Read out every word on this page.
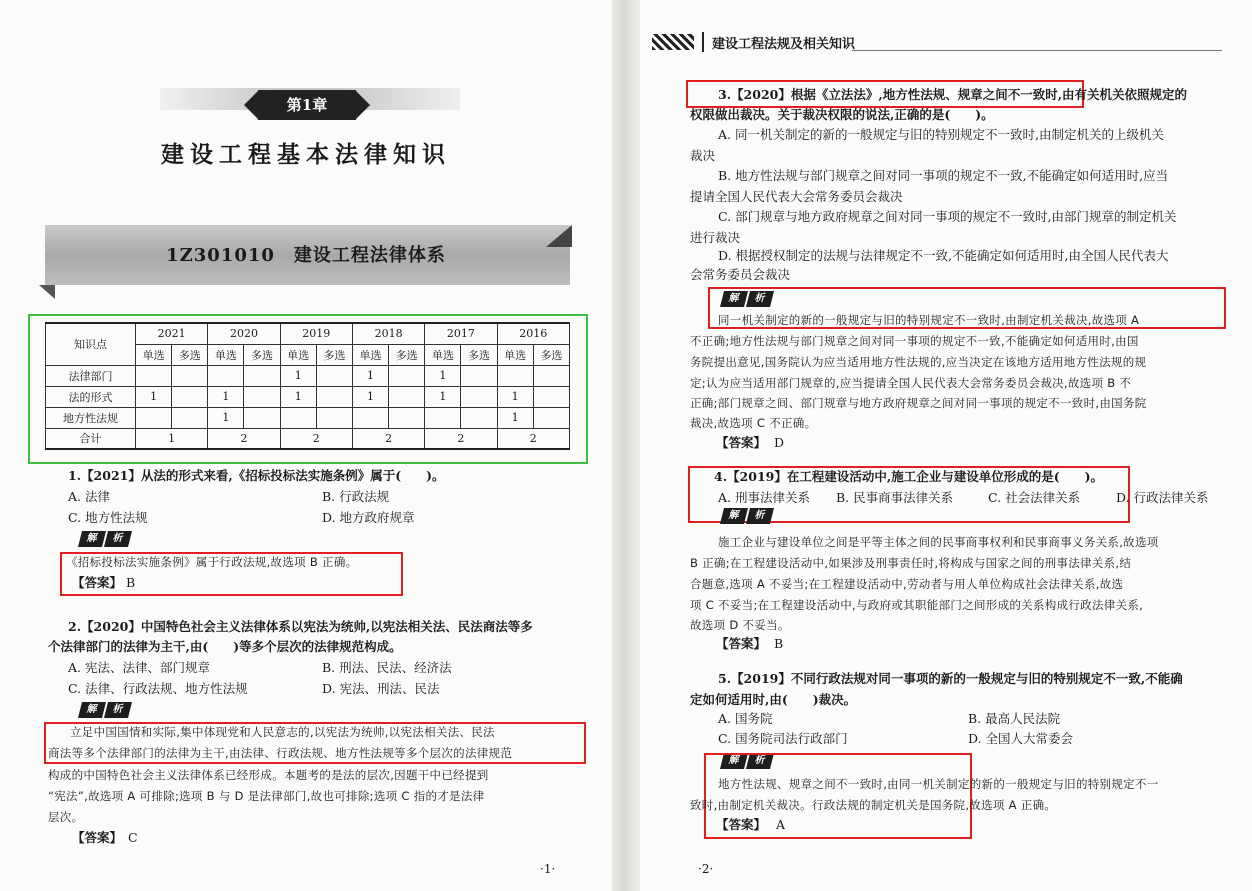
第1章
建设工程基本法律知识
1Z301010　建设工程法律体系
知识点	2021		2020		2019		2018		2017		2016	
	单选	多选	单选	多选	单选	多选	单选	多选	单选	多选	单选	多选
法律部门					1		1		1			
法的形式	1		1		1		1		1		1	
地方性法规			1								1	
合计	1		2		2		2		2		2	
1.【2021】从法的形式来看,《招标投标法实施条例》属于(　　)。
A. 法律	B. 行政法规
C. 地方性法规	D. 地方政府规章
解	析
《招标投标法实施条例》属于行政法规,故选项 B 正确。
【答案】 B
2.【2020】中国特色社会主义法律体系以宪法为统帅,以宪法相关法、民法商法等多
个法律部门的法律为主干,由(　　)等多个层次的法律规范构成。
A. 宪法、法律、部门规章	B. 刑法、民法、经济法
C. 法律、行政法规、地方性法规	D. 宪法、刑法、民法
解	析
立足中国国情和实际,集中体现党和人民意志的,以宪法为统帅,以宪法相关法、民法
商法等多个法律部门的法律为主干,由法律、行政法规、地方性法规等多个层次的法律规范
构成的中国特色社会主义法律体系已经形成。本题考的是法的层次,因题干中已经提到
“宪法”,故选项 A 可排除;选项 B 与 D 是法律部门,故也可排除;选项 C 指的才是法律
层次。
【答案】 C
·1·
建设工程法规及相关知识
3.【2020】根据《立法法》,地方性法规、规章之间不一致时,由有关机关依照规定的
权限做出裁决。关于裁决权限的说法,正确的是(　　)。
A. 同一机关制定的新的一般规定与旧的特别规定不一致时,由制定机关的上级机关
裁决
B. 地方性法规与部门规章之间对同一事项的规定不一致,不能确定如何适用时,应当
提请全国人民代表大会常务委员会裁决
C. 部门规章与地方政府规章之间对同一事项的规定不一致时,由部门规章的制定机关
进行裁决
D. 根据授权制定的法规与法律规定不一致,不能确定如何适用时,由全国人民代表大
会常务委员会裁决
解	析
同一机关制定的新的一般规定与旧的特别规定不一致时,由制定机关裁决,故选项 A
不正确;地方性法规与部门规章之间对同一事项的规定不一致,不能确定如何适用时,由国
务院提出意见,国务院认为应当适用地方性法规的,应当决定在该地方适用地方性法规的规
定;认为应当适用部门规章的,应当提请全国人民代表大会常务委员会裁决,故选项 B 不
正确;部门规章之间、部门规章与地方政府规章之间对同一事项的规定不一致时,由国务院
裁决,故选项 C 不正确。
【答案】 D
4.【2019】在工程建设活动中,施工企业与建设单位形成的是(　　)。
A. 刑事法律关系 B. 民事商事法律关系	C. 社会法律关系	D. 行政法律关系
解	析
施工企业与建设单位之间是平等主体之间的民事商事权利和民事商事义务关系,故选项
B 正确;在工程建设活动中,如果涉及刑事责任时,将构成与国家之间的刑事法律关系,结
合题意,选项 A 不妥当;在工程建设活动中,劳动者与用人单位构成社会法律关系,故选
项 C 不妥当;在工程建设活动中,与政府或其职能部门之间形成的关系构成行政法律关系,
故选项 D 不妥当。
【答案】 B
5.【2019】不同行政法规对同一事项的新的一般规定与旧的特别规定不一致,不能确
定如何适用时,由(　　)裁决。
A. 国务院	B. 最高人民法院
C. 国务院司法行政部门	D. 全国人大常委会
解	析
地方性法规、规章之间不一致时,由同一机关制定的新的一般规定与旧的特别规定不一
致时,由制定机关裁决。行政法规的制定机关是国务院,故选项 A 正确。
【答案】 A
·2·
